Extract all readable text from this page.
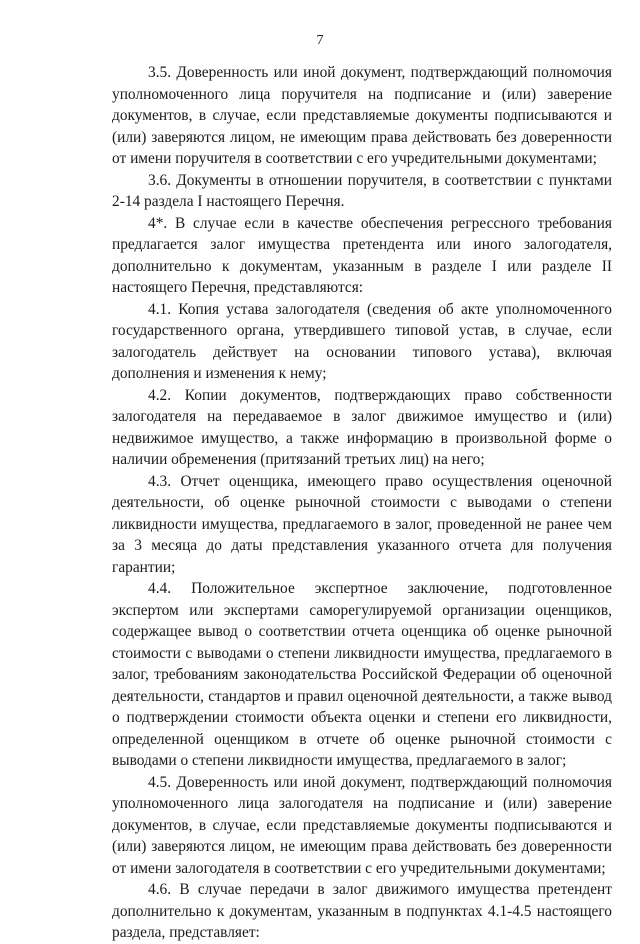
7

3.5. Доверенность или иной документ, подтверждающий полномочия уполномоченного лица поручителя на подписание и (или) заверение документов, в случае, если представляемые документы подписываются и (или) заверяются лицом, не имеющим права действовать без доверенности от имени поручителя в соответствии с его учредительными документами;

3.6. Документы в отношении поручителя, в соответствии с пунктами 2-14 раздела I настоящего Перечня.

4*. В случае если в качестве обеспечения регрессного требования предлагается залог имущества претендента или иного залогодателя, дополнительно к документам, указанным в разделе I или разделе II настоящего Перечня, представляются:

4.1. Копия устава залогодателя (сведения об акте уполномоченного государственного органа, утвердившего типовой устав, в случае, если залогодатель действует на основании типового устава), включая дополнения и изменения к нему;

4.2. Копии документов, подтверждающих право собственности залогодателя на передаваемое в залог движимое имущество и (или) недвижимое имущество, а также информацию в произвольной форме о наличии обременения (притязаний третьих лиц) на него;

4.3. Отчет оценщика, имеющего право осуществления оценочной деятельности, об оценке рыночной стоимости с выводами о степени ликвидности имущества, предлагаемого в залог, проведенной не ранее чем за 3 месяца до даты представления указанного отчета для получения гарантии;

4.4. Положительное экспертное заключение, подготовленное экспертом или экспертами саморегулируемой организации оценщиков, содержащее вывод о соответствии отчета оценщика об оценке рыночной стоимости с выводами о степени ликвидности имущества, предлагаемого в залог, требованиям законодательства Российской Федерации об оценочной деятельности, стандартов и правил оценочной деятельности, а также вывод о подтверждении стоимости объекта оценки и степени его ликвидности, определенной оценщиком в отчете об оценке рыночной стоимости с выводами о степени ликвидности имущества, предлагаемого в залог;

4.5. Доверенность или иной документ, подтверждающий полномочия уполномоченного лица залогодателя на подписание и (или) заверение документов, в случае, если представляемые документы подписываются и (или) заверяются лицом, не имеющим права действовать без доверенности от имени залогодателя в соответствии с его учредительными документами;

4.6. В случае передачи в залог движимого имущества претендент дополнительно к документам, указанным в подпунктах 4.1-4.5 настоящего раздела, представляет:
